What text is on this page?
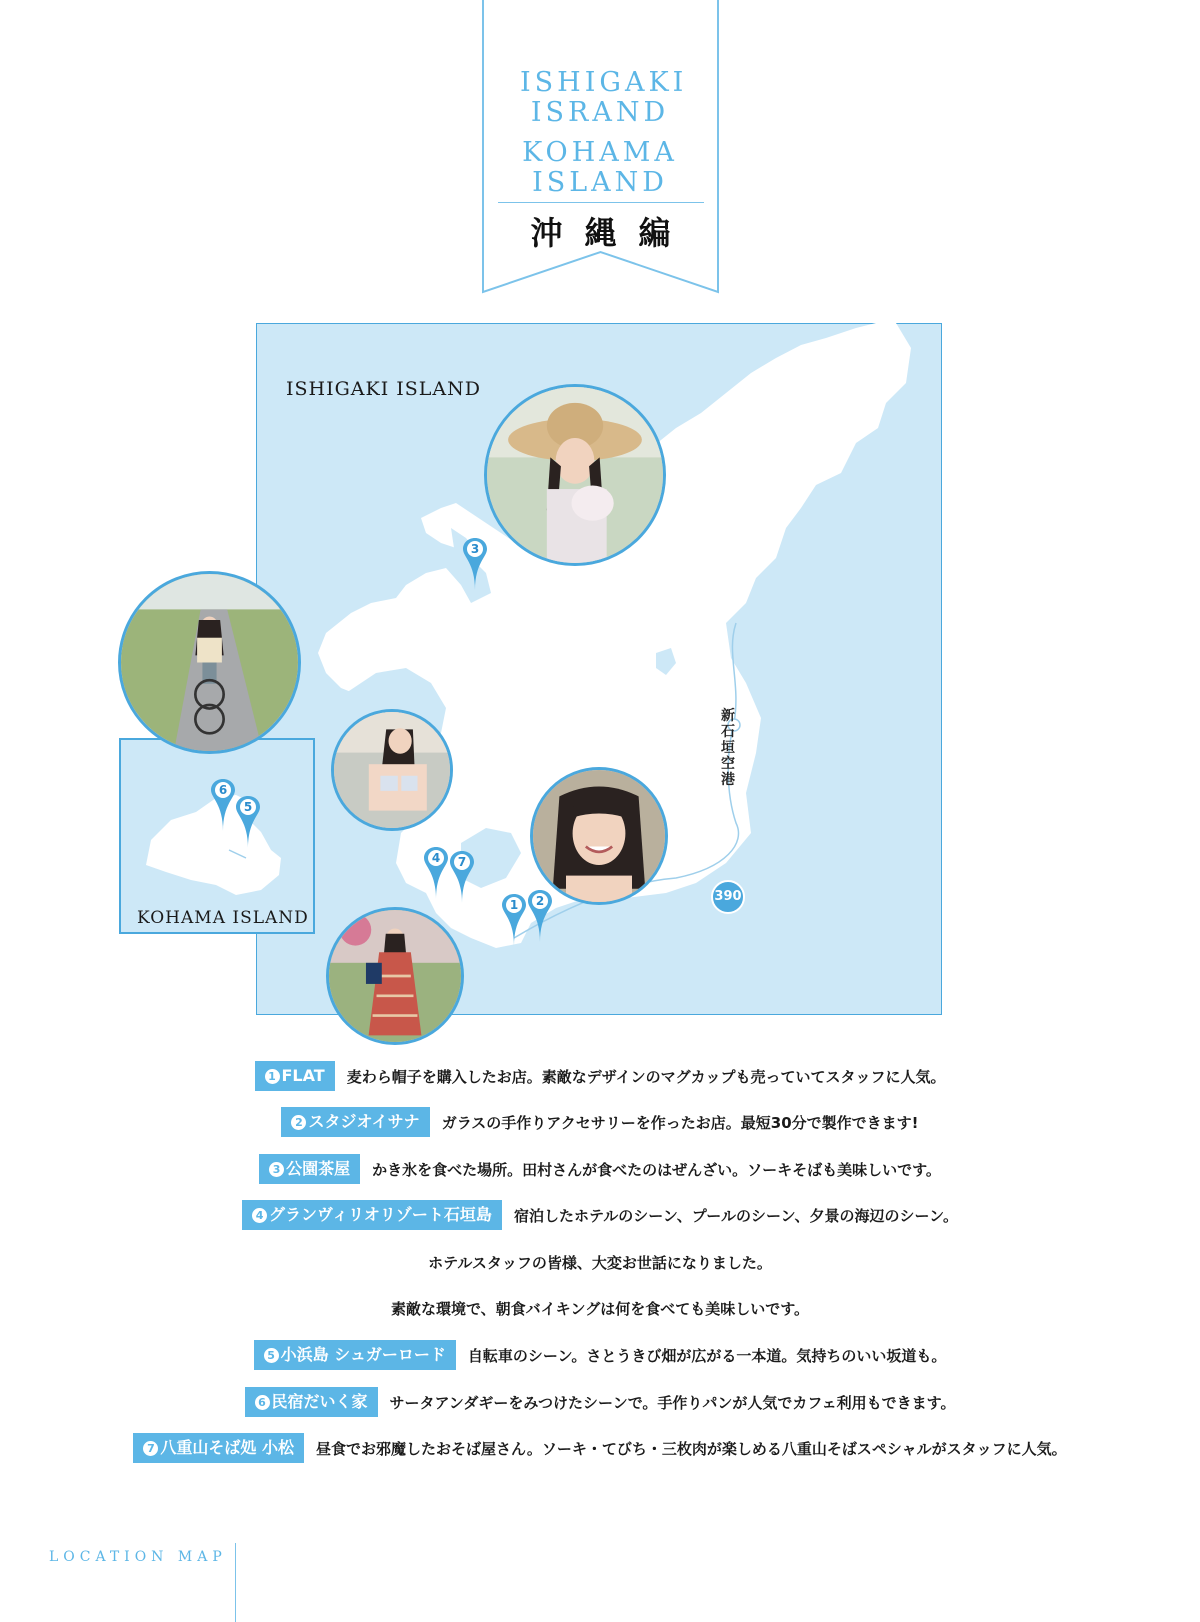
ISHIGAKI ISRAND
KOHAMA ISLAND
沖縄編
ISHIGAKI ISLAND
新石垣空港
390
3
4	7
1	2
6
5
KOHAMA ISLAND
1 FLAT 麦わら帽子を購入したお店。素敵なデザインのマグカップも売っていてスタッフに人気。
2 スタジオイサナ ガラスの手作りアクセサリーを作ったお店。最短30分で製作できます!
3 公園茶屋 かき氷を食べた場所。田村さんが食べたのはぜんざい。ソーキそばも美味しいです。
4 グランヴィリオリゾート石垣島 宿泊したホテルのシーン、プールのシーン、夕景の海辺のシーン。
ホテルスタッフの皆様、大変お世話になりました。
素敵な環境で、朝食バイキングは何を食べても美味しいです。
5 小浜島 シュガーロード 自転車のシーン。さとうきび畑が広がる一本道。気持ちのいい坂道も。
6 民宿だいく家 サータアンダギーをみつけたシーンで。手作りパンが人気でカフェ利用もできます。
7 八重山そば処 小松 昼食でお邪魔したおそば屋さん。ソーキ・てびち・三枚肉が楽しめる八重山そばスペシャルがスタッフに人気。
LOCATION MAP
